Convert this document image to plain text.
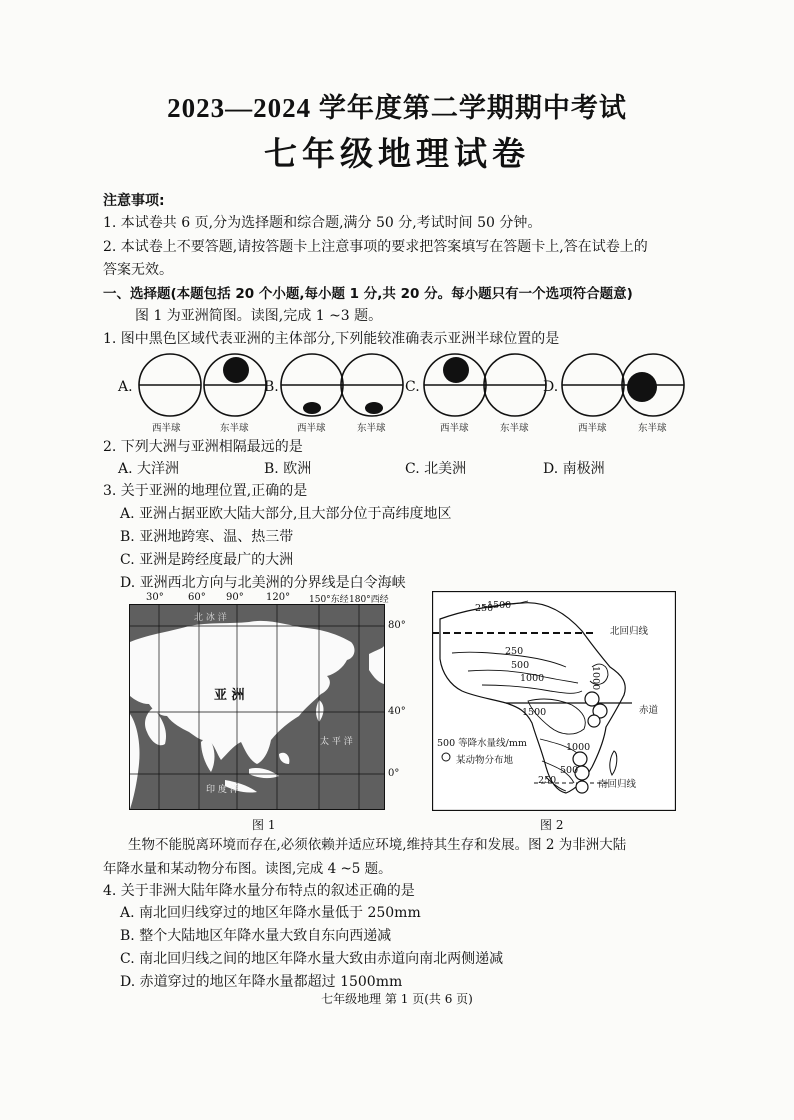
2023—2024 学年度第二学期期中考试
七年级地理试卷
注意事项:
1. 本试卷共 6 页,分为选择题和综合题,满分 50 分,考试时间 50 分钟。
2. 本试卷上不要答题,请按答题卡上注意事项的要求把答案填写在答题卡上,答在试卷上的
答案无效。
一、选择题(本题包括 20 个小题,每小题 1 分,共 20 分。每小题只有一个选项符合题意)
图 1 为亚洲简图。读图,完成 1 ~3 题。
1. 图中黑色区域代表亚洲的主体部分,下列能较准确表示亚洲半球位置的是
A.	B.	C.	D.
西半球	东半球	西半球	东半球	西半球	东半球	西半球	东半球
2. 下列大洲与亚洲相隔最远的是
A. 大洋洲	B. 欧洲	C. 北美洲	D. 南极洲
3. 关于亚洲的地理位置,正确的是
A. 亚洲占据亚欧大陆大部分,且大部分位于高纬度地区
B. 亚洲地跨寒、温、热三带
C. 亚洲是跨经度最广的大洲
D. 亚洲西北方向与北美洲的分界线是白令海峡
30° 60° 90° 120° 150°东经 180°西经
北 冰 洋
亚 洲
太 平 洋
印 度 洋
80°
40°
0°
图 1
1500
250
250
500
1000	1000
1500
1000
500
250
北回归线
赤道
南回归线
500 等降水量线/mm
某动物分布地
图 2
生物不能脱离环境而存在,必须依赖并适应环境,维持其生存和发展。图 2 为非洲大陆
年降水量和某动物分布图。读图,完成 4 ~5 题。
4. 关于非洲大陆年降水量分布特点的叙述正确的是
A. 南北回归线穿过的地区年降水量低于 250mm
B. 整个大陆地区年降水量大致自东向西递减
C. 南北回归线之间的地区年降水量大致由赤道向南北两侧递减
D. 赤道穿过的地区年降水量都超过 1500mm
七年级地理 第 1 页(共 6 页)
